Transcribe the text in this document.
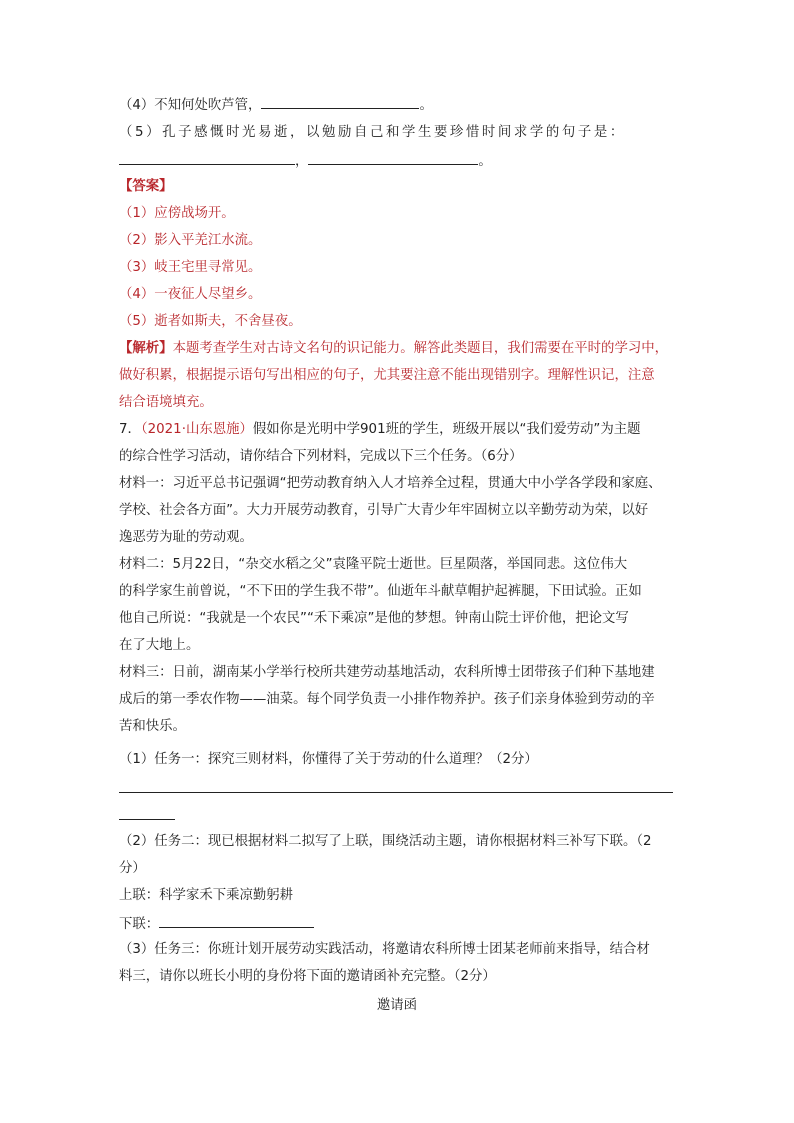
（4）不知何处吹芦管，	。
（5）孔子感慨时光易逝，以勉励自己和学生要珍惜时间求学的句子是：
，	。
【答案】
（1）应傍战场开。
（2）影入平羌江水流。
（3）岐王宅里寻常见。
（4）一夜征人尽望乡。
（5）逝者如斯夫，不舍昼夜。
【解析】本题考查学生对古诗文名句的识记能力。解答此类题目，我们需要在平时的学习中，
做好积累，根据提示语句写出相应的句子，尤其要注意不能出现错别字。理解性识记，注意
结合语境填充。
7．（2021·山东恩施）假如你是光明中学901班的学生，班级开展以“我们爱劳动”为主题
的综合性学习活动，请你结合下列材料，完成以下三个任务。（6分）
材料一：习近平总书记强调“把劳动教育纳入人才培养全过程，贯通大中小学各学段和家庭、
学校、社会各方面”。大力开展劳动教育，引导广大青少年牢固树立以辛勤劳动为荣，以好
逸恶劳为耻的劳动观。
材料二：5月22日，“杂交水稻之父”袁隆平院士逝世。巨星陨落，举国同悲。这位伟大
的科学家生前曾说，“不下田的学生我不带”。仙逝年斗献草帽护起裤腿，下田试验。正如
他自己所说：“我就是一个农民”“禾下乘凉”是他的梦想。钟南山院士评价他，把论文写
在了大地上。
材料三：日前，湖南某小学举行校所共建劳动基地活动，农科所博士团带孩子们种下基地建
成后的第一季农作物——油菜。每个同学负责一小排作物养护。孩子们亲身体验到劳动的辛
苦和快乐。
（1）任务一：探究三则材料，你懂得了关于劳动的什么道理？（2分）
（2）任务二：现已根据材料二拟写了上联，围绕活动主题，请你根据材料三补写下联。（2
分）
上联：科学家禾下乘凉勤躬耕
下联：
（3）任务三：你班计划开展劳动实践活动，将邀请农科所博士团某老师前来指导，结合材
料三，请你以班长小明的身份将下面的邀请函补充完整。（2分）
邀请函
